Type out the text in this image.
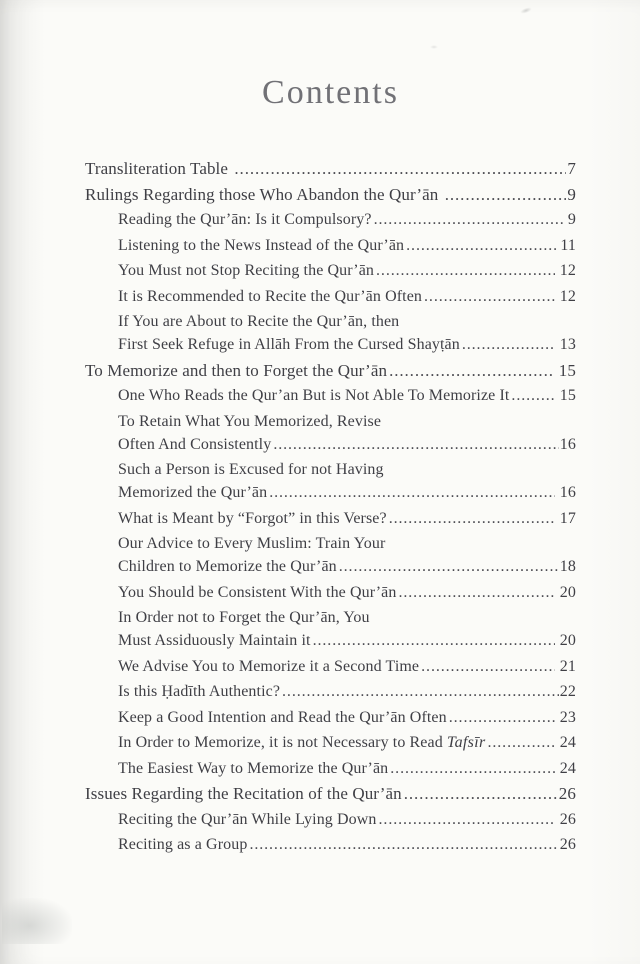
Contents
Transliteration Table .....	7
Rulings Regarding those Who Abandon the Qur’ān .....	9
Reading the Qur’ān: Is it Compulsory? .....	9
Listening to the News Instead of the Qur’ān .....	11
You Must not Stop Reciting the Qur’ān .....	12
It is Recommended to Recite the Qur’ān Often .....	12
If You are About to Recite the Qur’ān, then
First Seek Refuge in Allāh From the Cursed Shayṭān .....	13
To Memorize and then to Forget the Qur’ān .....	15
One Who Reads the Qur’an But is Not Able To Memorize It .....	15
To Retain What You Memorized, Revise
Often And Consistently .....	16
Such a Person is Excused for not Having
Memorized the Qur’ān .....	16
What is Meant by “Forgot” in this Verse? .....	17
Our Advice to Every Muslim: Train Your
Children to Memorize the Qur’ān .....	18
You Should be Consistent With the Qur’ān .....	20
In Order not to Forget the Qur’ān, You
Must Assiduously Maintain it .....	20
We Advise You to Memorize it a Second Time .....	21
Is this Ḥadīth Authentic? .....	22
Keep a Good Intention and Read the Qur’ān Often .....	23
In Order to Memorize, it is not Necessary to Read Tafsīr .....	24
The Easiest Way to Memorize the Qur’ān .....	24
Issues Regarding the Recitation of the Qur’ān .....	26
Reciting the Qur’ān While Lying Down .....	26
Reciting as a Group .....	26
